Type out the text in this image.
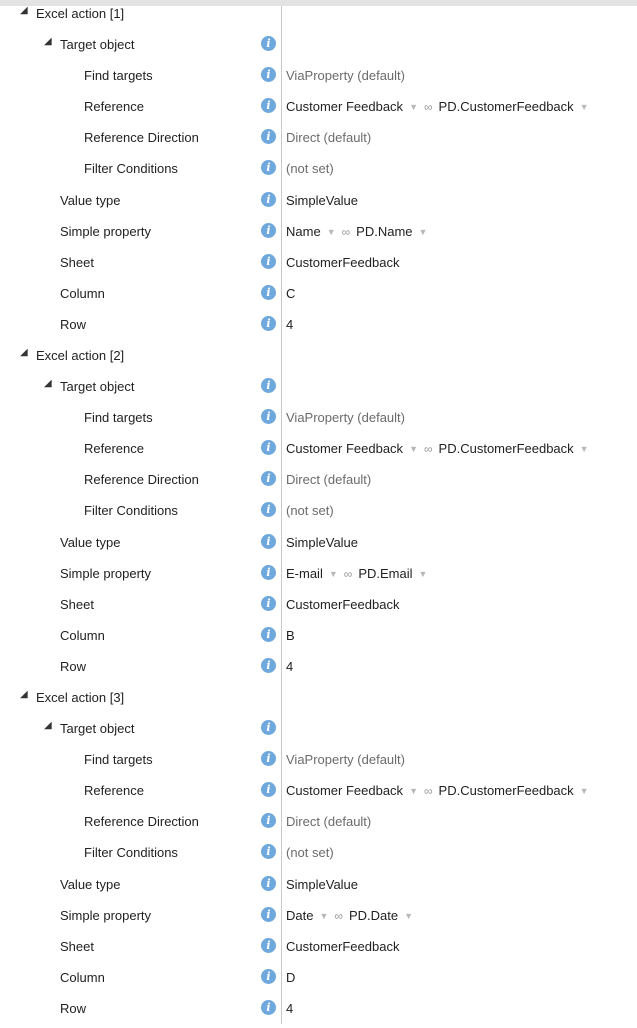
◢ Excel action [1]
◢ Target object	i
Find targets	i	ViaProperty (default)
Reference	i	Customer Feedback ▼ ∞ PD.CustomerFeedback ▼
Reference Direction	i	Direct (default)
Filter Conditions	i	(not set)
Value type	i	SimpleValue
Simple property	i	Name ▼ ∞ PD.Name ▼
Sheet	i	CustomerFeedback
Column	i	C
Row	i	4
◢ Excel action [2]
◢ Target object	i
Find targets	i	ViaProperty (default)
Reference	i	Customer Feedback ▼ ∞ PD.CustomerFeedback ▼
Reference Direction	i	Direct (default)
Filter Conditions	i	(not set)
Value type	i	SimpleValue
Simple property	i	E-mail ▼ ∞ PD.Email ▼
Sheet	i	CustomerFeedback
Column	i	B
Row	i	4
◢ Excel action [3]
◢ Target object	i
Find targets	i	ViaProperty (default)
Reference	i	Customer Feedback ▼ ∞ PD.CustomerFeedback ▼
Reference Direction	i	Direct (default)
Filter Conditions	i	(not set)
Value type	i	SimpleValue
Simple property	i	Date ▼ ∞ PD.Date ▼
Sheet	i	CustomerFeedback
Column	i	D
Row	i	4
